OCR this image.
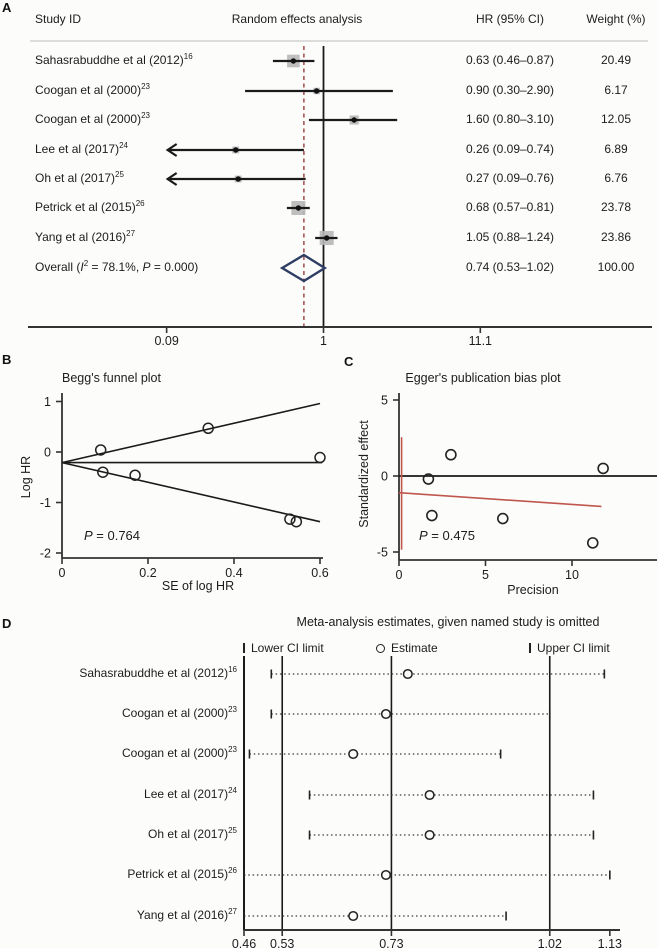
A
Study ID	Random effects analysis	HR (95% CI)	Weight (%)
Sahasrabuddhe et al $(2012)^{16}$	0.63 (0.46–0.87)	20.49
Coogan et al $(2000)^{23}$	0.90 (0.30–2.90)	6.17
Coogan et al $(2000)^{23}$	1.60 (0.80–3.10)	12.05
Lee et al $(2017)^{24}$	0.26 (0.09–0.74)	6.89
Oh et al $(2017)^{25}$	0.27 (0.09–0.76)	6.76
Petrick et al $(2015)^{26}$	0.68 (0.57–0.81)	23.78
Yang et al $(2016)^{27}$	1.05 (0.88–1.24)	23.86
Overall ($I^2 = 78.1\%$, P = 0.000)	0.74 (0.53–1.02)	100.00
0.09	1	11.1
B
Begg's funnel plot
Log HR
SE of log HR
P = 0.764
1
0
-1
-2
0	0.2	0.4	0.6
C
Egger's publication bias plot
Standardized effect
Precision
P = 0.475
5
0
-5
0	5	10
D	Meta-analysis estimates, given named study is omitted
Lower CI limit	Estimate	Upper CI limit
Sahasrabuddhe et al $(2012)^{16}$
Coogan et al $(2000)^{23}$
Coogan et al $(2000)^{23}$
Lee et al $(2017)^{24}$
Oh et al $(2017)^{25}$
Petrick et al $(2015)^{26}$
Yang et al $(2016)^{27}$
0.46 0.53	0.73	1.02	1.13
